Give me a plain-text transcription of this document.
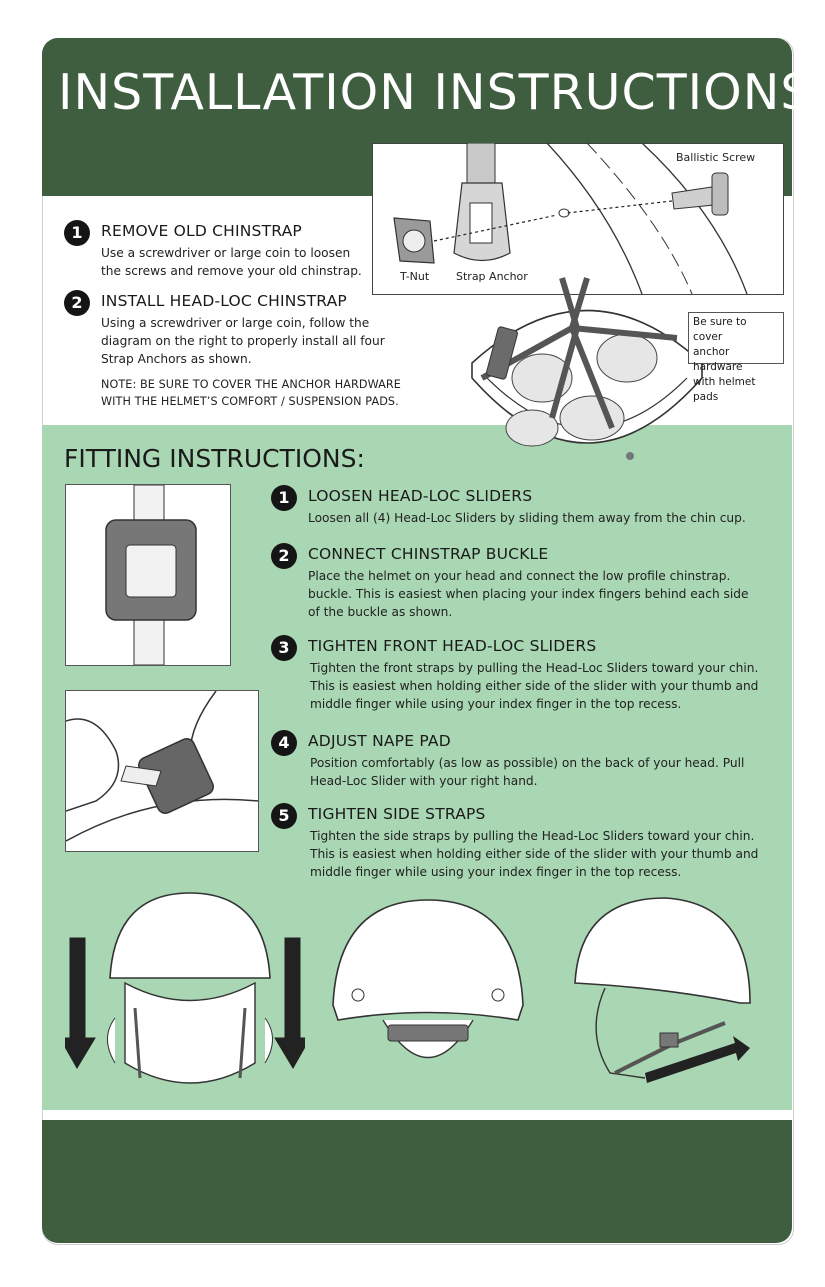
INSTALLATION INSTRUCTIONS
Ballistic Screw
T-Nut Strap Anchor
1	REMOVE OLD CHINSTRAP
Use a screwdriver or large coin to loosen
the screws and remove your old chinstrap.
2	INSTALL HEAD-LOC CHINSTRAP
Using a screwdriver or large coin, follow the
diagram on the right to properly install all four
Strap Anchors as shown.
NOTE: BE SURE TO COVER THE ANCHOR HARDWARE
WITH THE HELMET’S COMFORT / SUSPENSION PADS.
Be sure to cover
anchor hardware
with helmet pads
FITTING INSTRUCTIONS:
1	LOOSEN HEAD-LOC SLIDERS
Loosen all (4) Head-Loc Sliders by sliding them away from the chin cup.
2	CONNECT CHINSTRAP BUCKLE
Place the helmet on your head and connect the low profile chinstrap.
buckle. This is easiest when placing your index fingers behind each side
of the buckle as shown.
3	TIGHTEN FRONT HEAD-LOC SLIDERS
Tighten the front straps by pulling the Head-Loc Sliders toward your chin.
This is easiest when holding either side of the slider with your thumb and
middle finger while using your index finger in the top recess.
4	ADJUST NAPE PAD
Position comfortably (as low as possible) on the back of your head. Pull
Head-Loc Slider with your right hand.
5	TIGHTEN SIDE STRAPS
Tighten the side straps by pulling the Head-Loc Sliders toward your chin.
This is easiest when holding either side of the slider with your thumb and
middle finger while using your index finger in the top recess.
